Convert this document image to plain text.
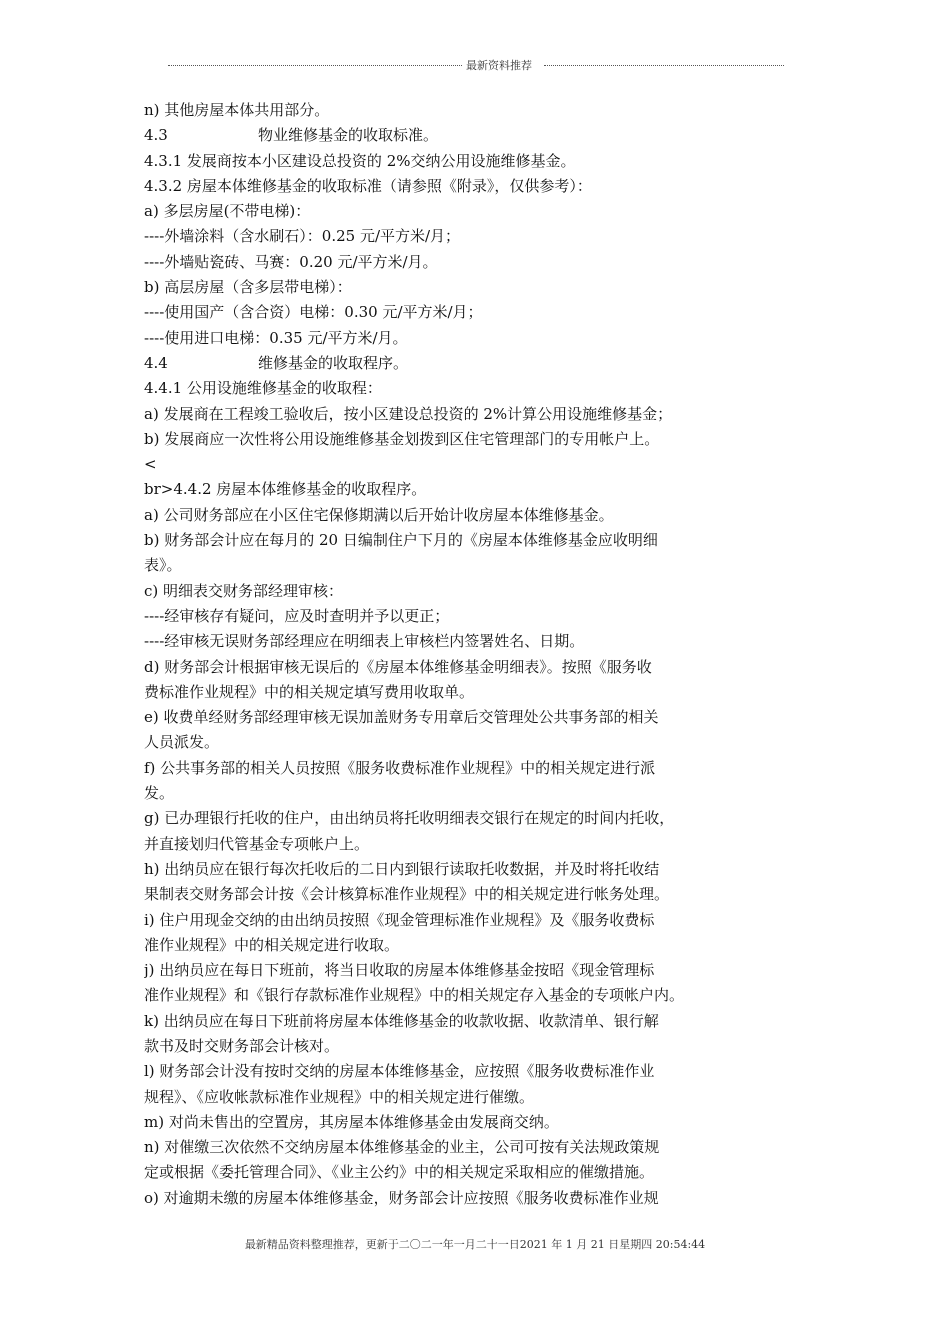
最新资料推荐
n) 其他房屋本体共用部分。
4.3	物业维修基金的收取标准。
4.3.1 发展商按本小区建设总投资的 2%交纳公用设施维修基金。
4.3.2 房屋本体维修基金的收取标准（请参照《附录》，仅供参考）：
a) 多层房屋(不带电梯)：
----外墙涂料（含水刷石）：0.25 元/平方米/月；
----外墙贴瓷砖、马赛：0.20 元/平方米/月。
b) 高层房屋（含多层带电梯）：
----使用国产（含合资）电梯：0.30 元/平方米/月；
----使用进口电梯：0.35 元/平方米/月。
4.4	维修基金的收取程序。
4.4.1 公用设施维修基金的收取程：
a) 发展商在工程竣工验收后，按小区建设总投资的 2%计算公用设施维修基金；
b) 发展商应一次性将公用设施维修基金划拨到区住宅管理部门的专用帐户上。
<
br>4.4.2 房屋本体维修基金的收取程序。
a) 公司财务部应在小区住宅保修期满以后开始计收房屋本体维修基金。
b) 财务部会计应在每月的 20 日编制住户下月的《房屋本体维修基金应收明细
表》。
c) 明细表交财务部经理审核：
----经审核存有疑问，应及时查明并予以更正；
----经审核无误财务部经理应在明细表上审核栏内签署姓名、日期。
d) 财务部会计根据审核无误后的《房屋本体维修基金明细表》。按照《服务收
费标准作业规程》中的相关规定填写费用收取单。
e) 收费单经财务部经理审核无误加盖财务专用章后交管理处公共事务部的相关
人员派发。
f) 公共事务部的相关人员按照《服务收费标准作业规程》中的相关规定进行派
发。
g) 已办理银行托收的住户，由出纳员将托收明细表交银行在规定的时间内托收，
并直接划归代管基金专项帐户上。
h) 出纳员应在银行每次托收后的二日内到银行读取托收数据，并及时将托收结
果制表交财务部会计按《会计核算标准作业规程》中的相关规定进行帐务处理。
i) 住户用现金交纳的由出纳员按照《现金管理标准作业规程》及《服务收费标
准作业规程》中的相关规定进行收取。
j) 出纳员应在每日下班前，将当日收取的房屋本体维修基金按昭《现金管理标
准作业规程》和《银行存款标准作业规程》中的相关规定存入基金的专项帐户内。
k) 出纳员应在每日下班前将房屋本体维修基金的收款收据、收款清单、银行解
款书及时交财务部会计核对。
l) 财务部会计没有按时交纳的房屋本体维修基金，应按照《服务收费标准作业
规程》、《应收帐款标准作业规程》中的相关规定进行催缴。
m) 对尚未售出的空置房，其房屋本体维修基金由发展商交纳。
n) 对催缴三次依然不交纳房屋本体维修基金的业主，公司可按有关法规政策规
定或根据《委托管理合同》、《业主公约》中的相关规定采取相应的催缴措施。
o) 对逾期未缴的房屋本体维修基金，财务部会计应按照《服务收费标准作业规
最新精品资料整理推荐，更新于二〇二一年一月二十一日2021 年 1 月 21 日星期四 20:54:44
